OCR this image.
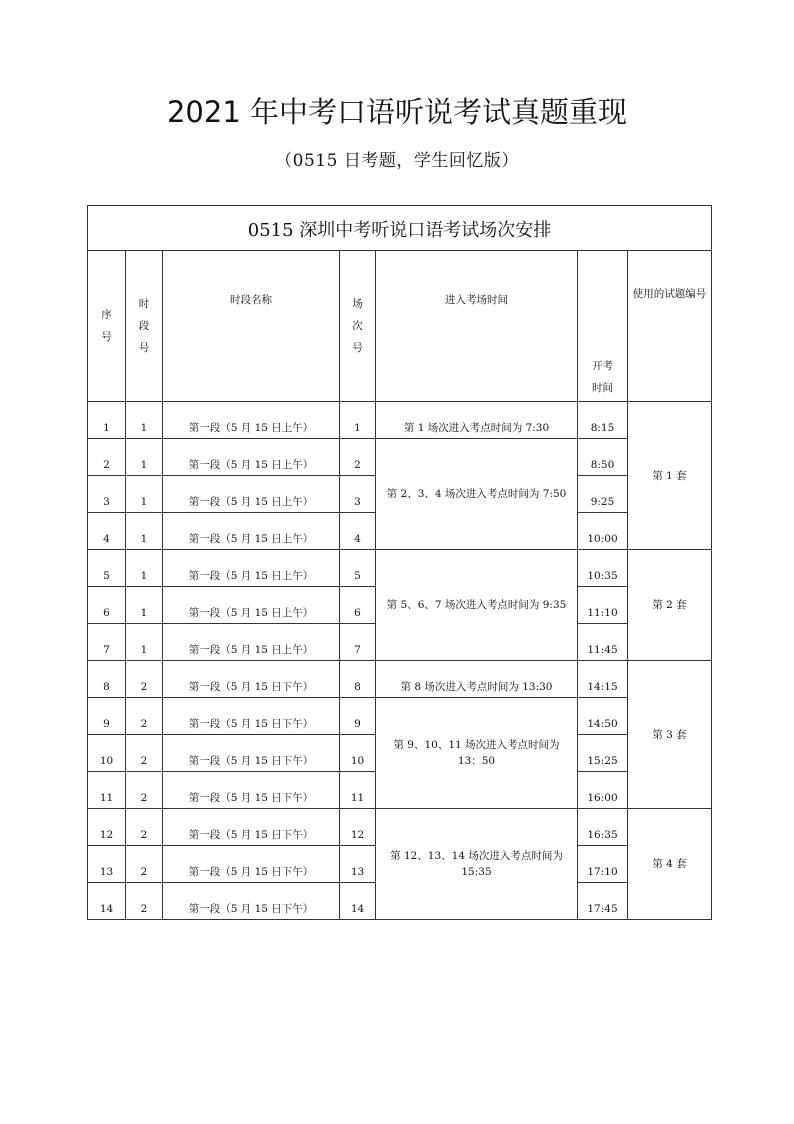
2021 年中考口语听说考试真题重现
（0515 日考题，学生回忆版）
0515 深圳中考听说口语考试场次安排						
序号	时段号	时段名称	场次号	进入考场时间	开考时间	使用的试题编号
1	1	第一段（5 月 15 日上午）	1	第 1 场次进入考点时间为 7:30	8:15	第 1 套
2	1	第一段（5 月 15 日上午）	2	第 2、3、4 场次进入考点时间为 7:50	8:50	
3	1	第一段（5 月 15 日上午）	3		9:25	
4	1	第一段（5 月 15 日上午）	4		10:00	
5	1	第一段（5 月 15 日上午）	5	第 5、6、7 场次进入考点时间为 9:35	10:35	第 2 套
6	1	第一段（5 月 15 日上午）	6		11:10	
7	1	第一段（5 月 15 日上午）	7		11:45	
8	2	第一段（5 月 15 日下午）	8	第 8 场次进入考点时间为 13:30	14:15	第 3 套
9	2	第一段（5 月 15 日下午）	9	第 9、10、11 场次进入考点时间为 13：50	14:50	
10	2	第一段（5 月 15 日下午）	10		15:25	
11	2	第一段（5 月 15 日下午）	11		16:00	
12	2	第一段（5 月 15 日下午）	12	第 12、13、14 场次进入考点时间为 15:35	16:35	第 4 套
13	2	第一段（5 月 15 日下午）	13		17:10	
14	2	第一段（5 月 15 日下午）	14		17:45	
